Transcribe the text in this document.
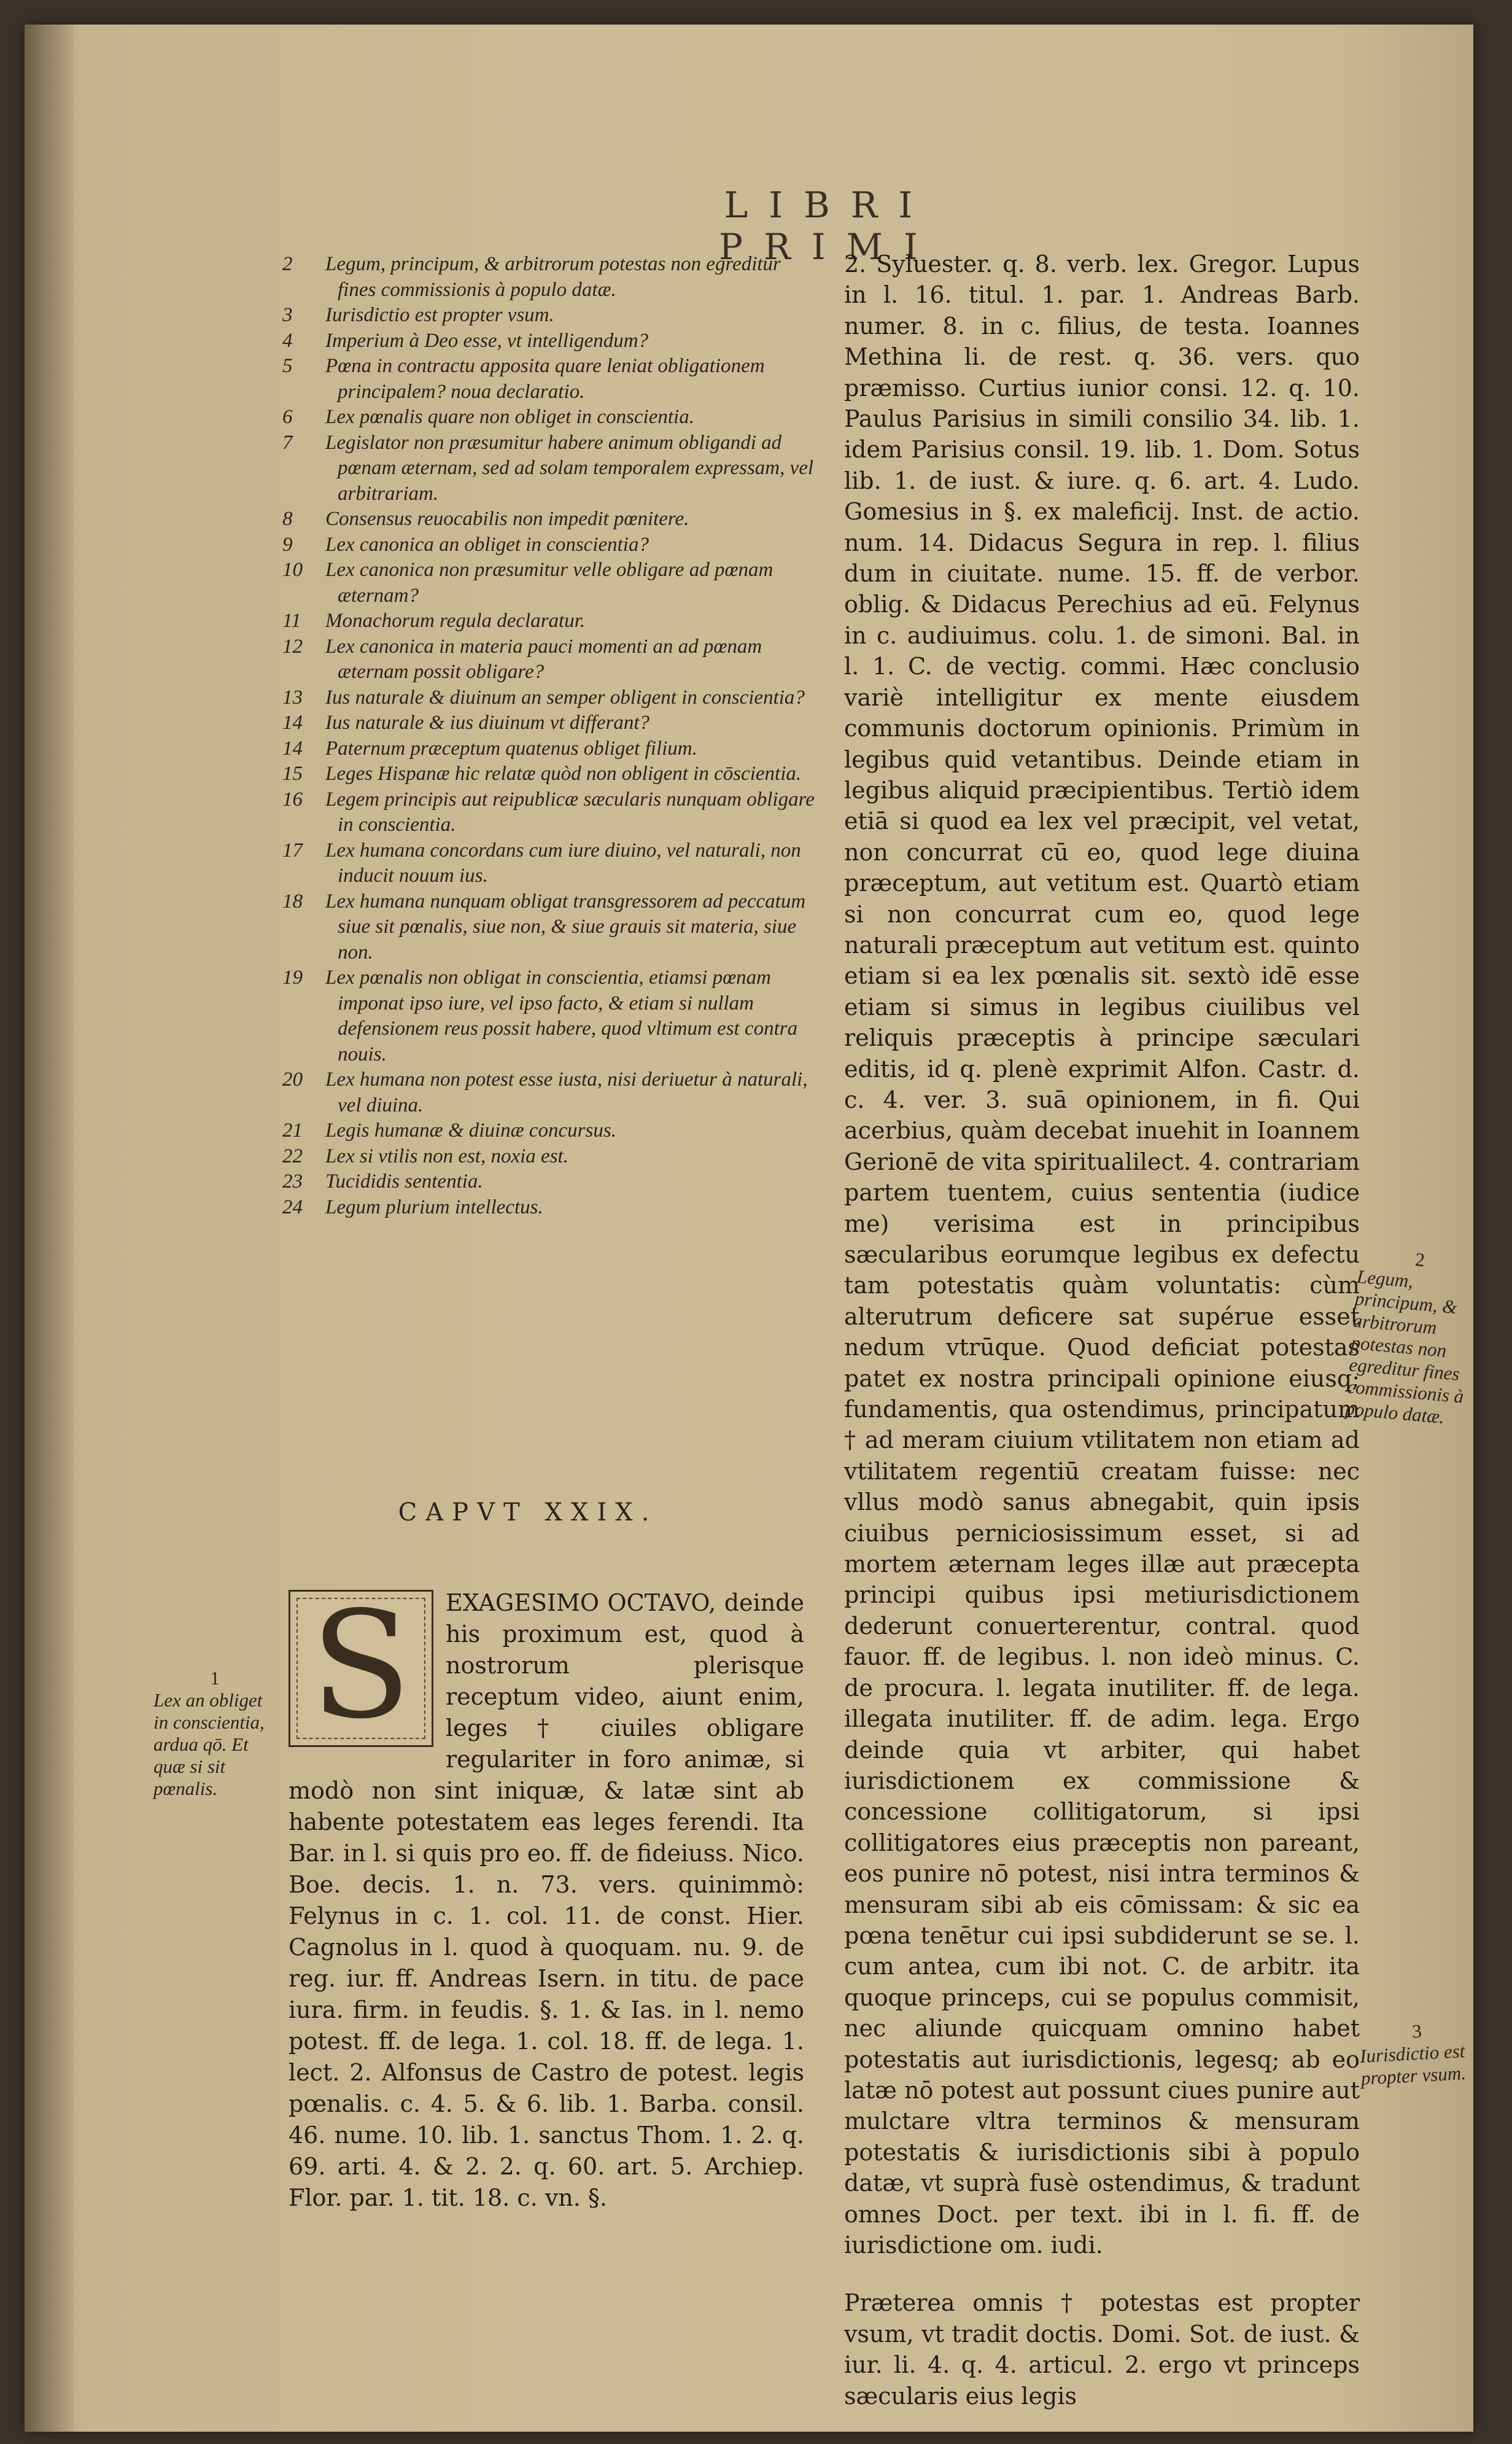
LIBRI PRIMI
2	Legum, principum, & arbitrorum potestas non egreditur fines commissionis à populo datæ.
3	Iurisdictio est propter vsum.
4	Imperium à Deo esse, vt intelligendum?
5	Pœna in contractu apposita quare leniat obligationem principalem? noua declaratio.
6	Lex pœnalis quare non obliget in conscientia.
7	Legislator non præsumitur habere animum obligandi ad pœnam æternam, sed ad solam temporalem expressam, vel arbitrariam.
8	Consensus reuocabilis non impedit pœnitere.
9	Lex canonica an obliget in conscientia?
10	Lex canonica non præsumitur velle obligare ad pœnam æternam?
11	Monachorum regula declaratur.
12	Lex canonica in materia pauci momenti an ad pœnam æternam possit obligare?
13	Ius naturale & diuinum an semper obligent in conscientia?
14	Ius naturale & ius diuinum vt differant?
14	Paternum præceptum quatenus obliget filium.
15	Leges Hispanæ hic relatæ quòd non obligent in cōscientia.
16	Legem principis aut reipublicæ sæcularis nunquam obligare in conscientia.
17	Lex humana concordans cum iure diuino, vel naturali, non inducit nouum ius.
18	Lex humana nunquam obligat transgressorem ad peccatum siue sit pœnalis, siue non, & siue grauis sit materia, siue non.
19	Lex pœnalis non obligat in conscientia, etiamsi pœnam imponat ipso iure, vel ipso facto, & etiam si nullam defensionem reus possit habere, quod vltimum est contra nouis.
20	Lex humana non potest esse iusta, nisi deriuetur à naturali, vel diuina.
21	Legis humanæ & diuinæ concursus.
22	Lex si vtilis non est, noxia est.
23	Tucididis sententia.
24	Legum plurium intellectus.
CAPVT XXIX.
S	EXAGESIMO OCTAVO, deinde his proximum est, quod à nostrorum plerisque receptum video, aiunt enim, leges † ciuiles obligare regulariter in foro animæ, si modò non sint iniquæ, & latæ sint ab habente potestatem eas leges ferendi. Ita Bar. in l. si quis pro eo. ff. de fideiuss. Nico. Boe. decis. 1. n. 73. vers. quinimmò: Felynus in c. 1. col. 11. de const. Hier. Cagnolus in l. quod à quoquam. nu. 9. de reg. iur. ff. Andreas Isern. in titu. de pace iura. firm. in feudis. §. 1. & Ias. in l. nemo potest. ff. de lega. 1. col. 18. ff. de lega. 1. lect. 2. Alfonsus de Castro de potest. legis pœnalis. c. 4. 5. & 6. lib. 1. Barba. consil. 46. nume. 10. lib. 1. sanctus Thom. 1. 2. q. 69. arti. 4. & 2. 2. q. 60. art. 5. Archiep. Flor. par. 1. tit. 18. c. vn. §.

1
Lex an obliget in conscientia, ardua qō. Et quæ si sit pœnalis.

2. Syluester. q. 8. verb. lex. Gregor. Lupus in l. 16. titul. 1. par. 1. Andreas Barb. numer. 8. in c. filius, de testa. Ioannes Methina li. de rest. q. 36. vers. quo præmisso. Curtius iunior consi. 12. q. 10. Paulus Parisius in simili consilio 34. lib. 1. idem Parisius consil. 19. lib. 1. Dom. Sotus lib. 1. de iust. & iure. q. 6. art. 4. Ludo. Gomesius in §. ex maleficij. Inst. de actio. num. 14. Didacus Segura in rep. l. filius dum in ciuitate. nume. 15. ff. de verbor. oblig. & Didacus Perechius ad eū. Felynus in c. audiuimus. colu. 1. de simoni. Bal. in l. 1. C. de vectig. commi. Hæc conclusio variè intelligitur ex mente eiusdem communis doctorum opinionis. Primùm in legibus quid vetantibus. Deinde etiam in legibus aliquid præcipientibus. Tertiò idem etiā si quod ea lex vel præcipit, vel vetat, non concurrat cū eo, quod lege diuina præceptum, aut vetitum est. Quartò etiam si non concurrat cum eo, quod lege naturali præceptum aut vetitum est. quinto etiam si ea lex pœnalis sit. sextò idē esse etiam si simus in legibus ciuilibus vel reliquis præceptis à principe sæculari editis, id q. plenè exprimit Alfon. Castr. d. c. 4. ver. 3. suā opinionem, in fi. Qui acerbius, quàm decebat inuehit in Ioannem Gerionē de vita spiritualilect. 4. contrariam partem tuentem, cuius sententia (iudice me) verisima est in principibus sæcularibus eorumque legibus ex defectu tam potestatis quàm voluntatis: cùm alterutrum deficere sat supérue esset nedum vtrūque. Quod deficiat potestas patet ex nostra principali opinione eiusq; fundamentis, qua ostendimus, principatum † ad meram ciuium vtilitatem non etiam ad vtilitatem regentiū creatam fuisse: nec vllus modò sanus abnegabit, quin ipsis ciuibus perniciosissimum esset, si ad mortem æternam leges illæ aut præcepta principi quibus ipsi metiurisdictionem dederunt conuerterentur, contral. quod fauor. ff. de legibus. l. non ideò minus. C. de procura. l. legata inutiliter. ff. de lega. illegata inutiliter. ff. de adim. lega. Ergo deinde quia vt arbiter, qui habet iurisdictionem ex commissione & concessione collitigatorum, si ipsi collitigatores eius præceptis non pareant, eos punire nō potest, nisi intra terminos & mensuram sibi ab eis cōmissam: & sic ea pœna tenētur cui ipsi subdiderunt se se. l. cum antea, cum ibi not. C. de arbitr. ita quoque princeps, cui se populus commisit, nec aliunde quicquam omnino habet potestatis aut iurisdictionis, legesq; ab eo latæ nō potest aut possunt ciues punire aut mulctare vltra terminos & mensuram potestatis & iurisdictionis sibi à populo datæ, vt suprà fusè ostendimus, & tradunt omnes Doct. per text. ibi in l. fi. ff. de iurisdictione om. iudi.

Præterea omnis † potestas est propter vsum, vt tradit doctis. Domi. Sot. de iust. & iur. li. 4. q. 4. articul. 2. ergo vt princeps sæcularis eius legis

2
Legum, principum, & arbitrorum potestas non egreditur fines commissionis à populo datæ.
3
Iurisdictio est propter vsum.
